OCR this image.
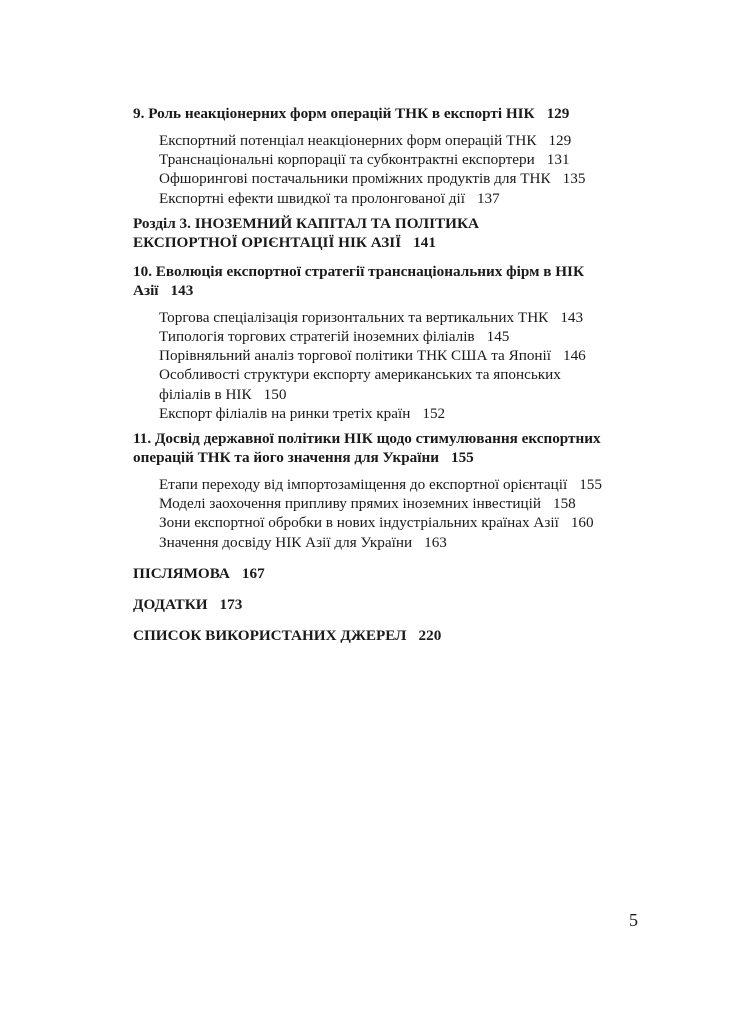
9. Роль неакціонерних форм операцій ТНК в експорті НІК 129
Експортний потенціал неакціонерних форм операцій ТНК 129
Транснаціональні корпорації та субконтрактні експортери 131
Офшорингові постачальники проміжних продуктів для ТНК 135
Експортні ефекти швидкої та пролонгованої дії 137
Розділ 3. ІНОЗЕМНИЙ КАПІТАЛ ТА ПОЛІТИКА
ЕКСПОРТНОЇ ОРІЄНТАЦІЇ НІК АЗІЇ 141
10. Еволюція експортної стратегії транснаціональних фірм в НІК
Азії 143
Торгова спеціалізація горизонтальних та вертикальних ТНК 143
Типологія торгових стратегій іноземних філіалів 145
Порівняльний аналіз торгової політики ТНК США та Японії 146
Особливості структури експорту американських та японських
філіалів в НІК 150
Експорт філіалів на ринки третіх країн 152
11. Досвід державної політики НІК щодо стимулювання експортних
операцій ТНК та його значення для України 155
Етапи переходу від імпортозаміщення до експортної орієнтації 155
Моделі заохочення припливу прямих іноземних інвестицій 158
Зони експортної обробки в нових індустріальних країнах Азії 160
Значення досвіду НІК Азії для України 163
ПІСЛЯМОВА 167
ДОДАТКИ 173
СПИСОК ВИКОРИСТАНИХ ДЖЕРЕЛ 220
5
